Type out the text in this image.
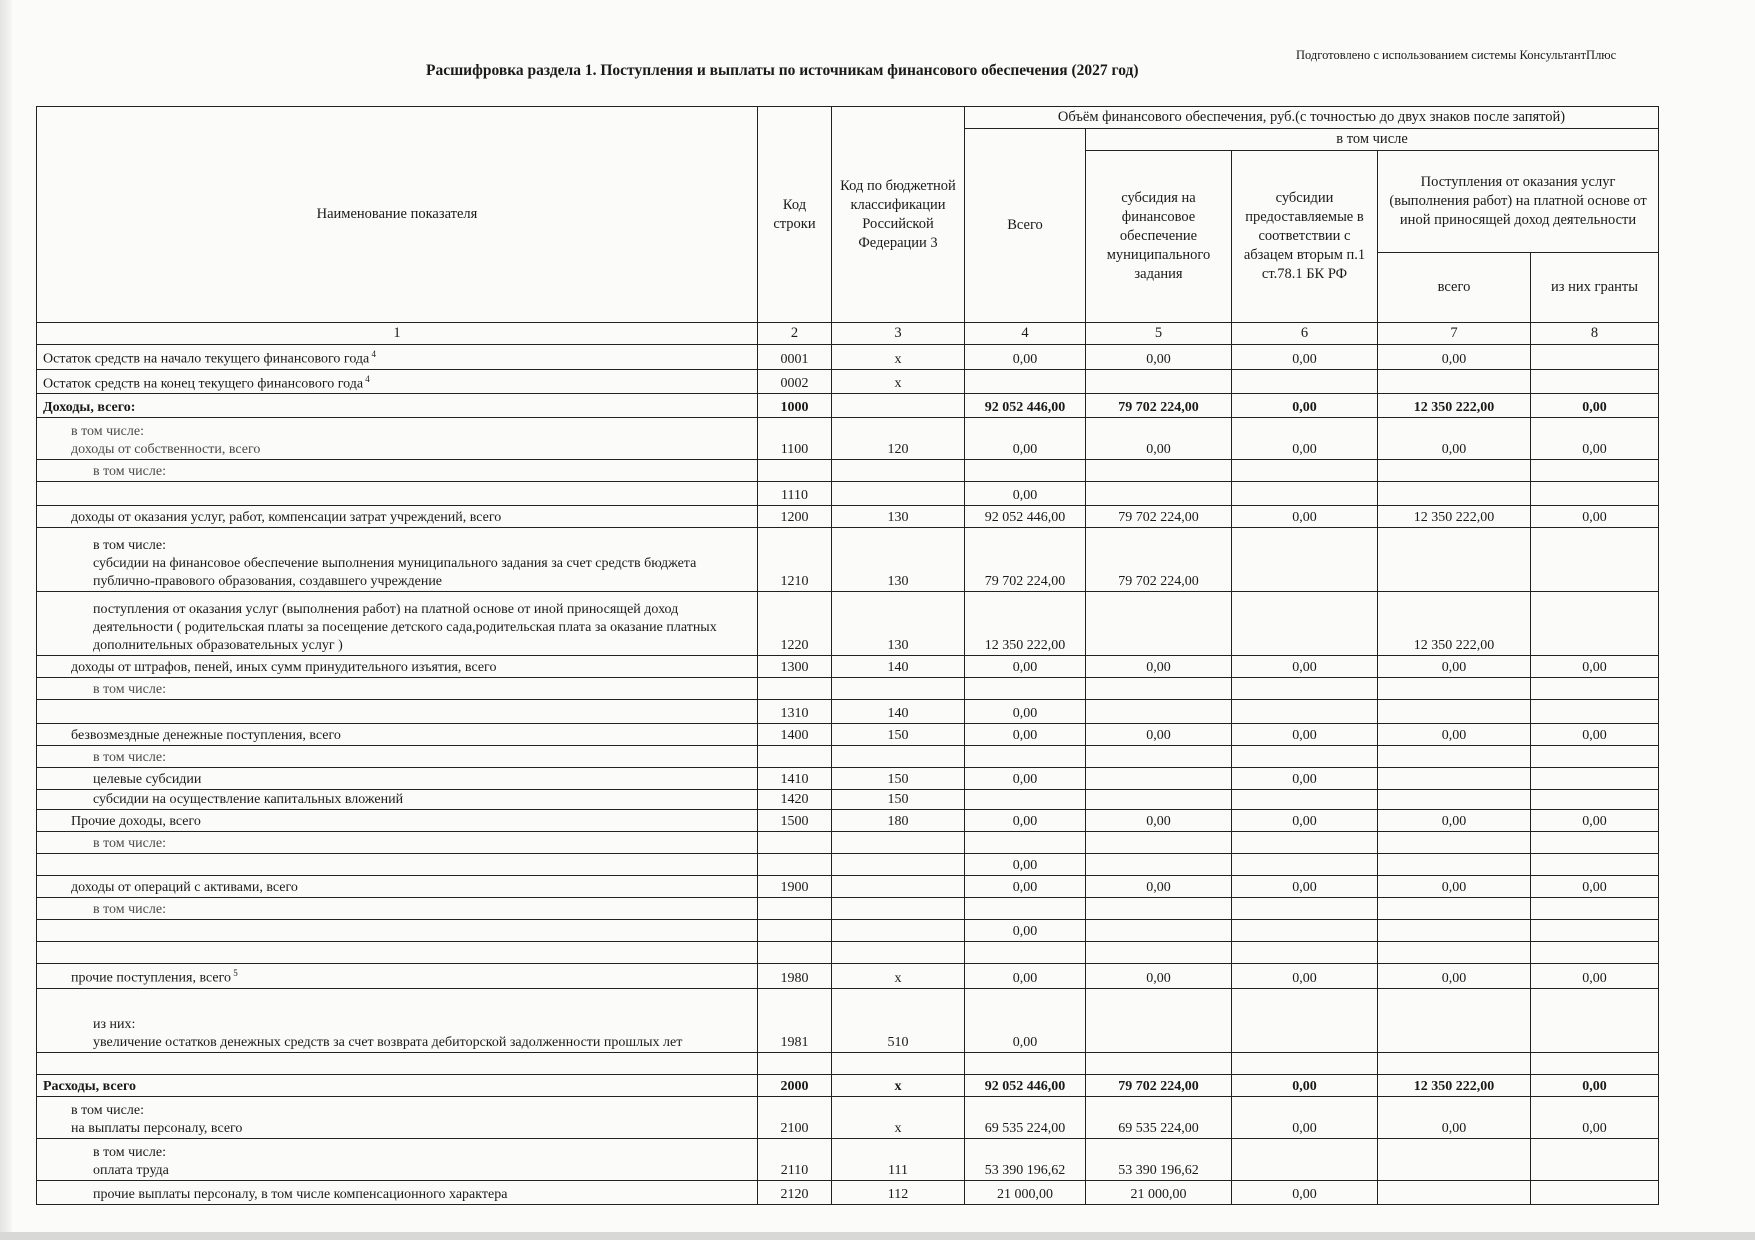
Расшифровка раздела 1. Поступления и выплаты по источникам финансового обеспечения (2027 год)
Подготовлено с использованием системы КонсультантПлюс
Наименование показателя	Код строки	Код по бюджетной классификации Российской Федерации 3	Объём финансового обеспечения, руб.(с точностью до двух знаков после запятой)				
			Всего	в том числе			
				субсидия на финансовое обеспечение муниципального задания	субсидии предоставляемые в соответствии с абзацем вторым п.1 ст.78.1 БК РФ	Поступления от оказания услуг (выполнения работ) на платной основе от иной приносящей доход деятельности	
						всего	из них гранты

1	2	3	4	5	6	7	8
Остаток средств на начало текущего финансового года $^4$	0001	x	0,00	0,00	0,00	0,00	
Остаток средств на конец текущего финансового года $^4$	0002	x					
Доходы, всего:	1000		92 052 446,00	79 702 224,00	0,00	12 350 222,00	0,00
в том числе:
доходы от собственности, всего	1100	120	0,00	0,00	0,00	0,00	0,00
в том числе:							
	1110		0,00				
доходы от оказания услуг, работ, компенсации затрат учреждений, всего	1200	130	92 052 446,00	79 702 224,00	0,00	12 350 222,00	0,00
в том числе:
субсидии на финансовое обеспечение выполнения муниципального задания за счет средств бюджета публично-правового образования, создавшего учреждение	1210	130	79 702 224,00	79 702 224,00			
поступления от оказания услуг (выполнения работ) на платной основе от иной приносящей доход деятельности ( родительская платы за посещение детского сада,родительская плата за оказание платных дополнительных образовательных услуг )	1220	130	12 350 222,00			12 350 222,00	
доходы от штрафов, пеней, иных сумм принудительного изъятия, всего	1300	140	0,00	0,00	0,00	0,00	0,00
в том числе:							
	1310	140	0,00				
безвозмездные денежные поступления, всего	1400	150	0,00	0,00	0,00	0,00	0,00
в том числе:							
целевые субсидии	1410	150	0,00		0,00		
субсидии на осуществление капитальных вложений	1420	150					
Прочие доходы, всего	1500	180	0,00	0,00	0,00	0,00	0,00
в том числе:							
			0,00				
доходы от операций с активами, всего	1900		0,00	0,00	0,00	0,00	0,00
в том числе:							
			0,00				

прочие поступления, всего $^5$	1980	x	0,00	0,00	0,00	0,00	0,00
из них:
увеличение остатков денежных средств за счет возврата дебиторской задолженности прошлых лет	1981	510	0,00				

Расходы, всего	2000	x	92 052 446,00	79 702 224,00	0,00	12 350 222,00	0,00
в том числе:
на выплаты персоналу, всего	2100	x	69 535 224,00	69 535 224,00	0,00	0,00	0,00
в том числе:
оплата труда	2110	111	53 390 196,62	53 390 196,62			
прочие выплаты персоналу, в том числе компенсационного характера	2120	112	21 000,00	21 000,00	0,00		
